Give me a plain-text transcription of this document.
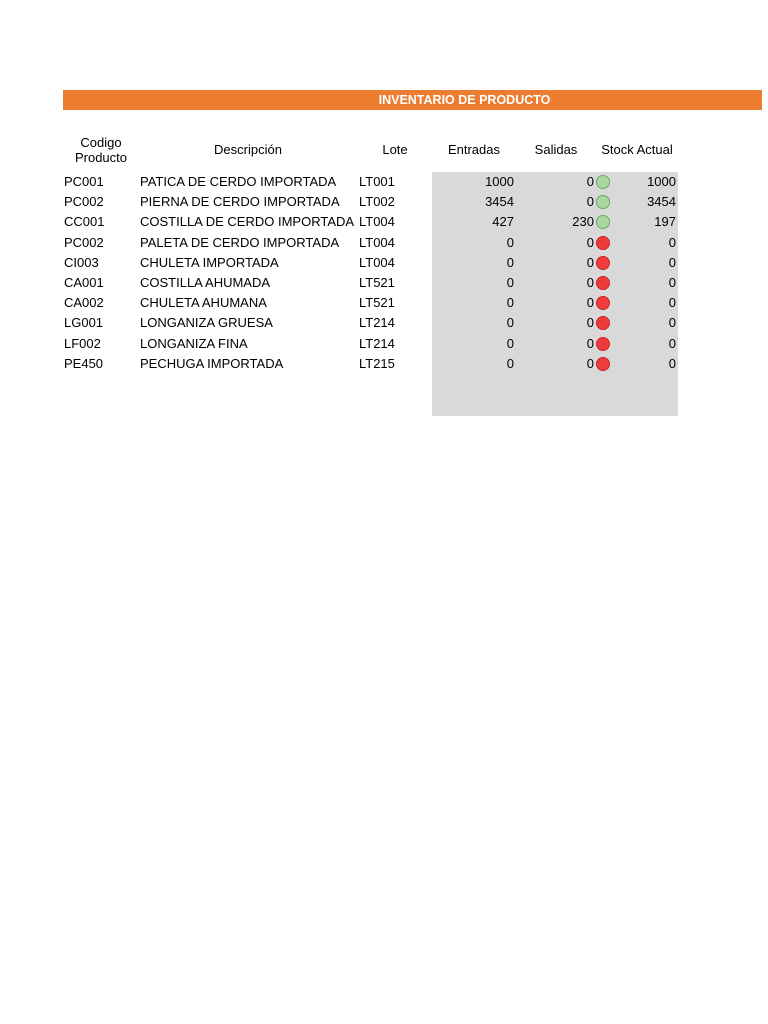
INVENTARIO DE PRODUCTO
Codigo
Producto
Descripción	Lote	Entradas	Salidas	Stock Actual
PC001	PATICA DE CERDO IMPORTADA LT001	1000	0	1000
PC002	PIERNA DE CERDO IMPORTADA LT002	3454	0	3454
CC001	COSTILLA DE CERDO IMPORTADA LT004	427	230	197
PC002	PALETA DE CERDO IMPORTADA LT004	0	0	0
CI003	CHULETA IMPORTADA	LT004	0	0	0
CA001	COSTILLA AHUMADA	LT521	0	0	0
CA002	CHULETA AHUMANA	LT521	0	0	0
LG001	LONGANIZA GRUESA	LT214	0	0	0
LF002	LONGANIZA FINA	LT214	0	0	0
PE450	PECHUGA IMPORTADA	LT215	0	0	0
